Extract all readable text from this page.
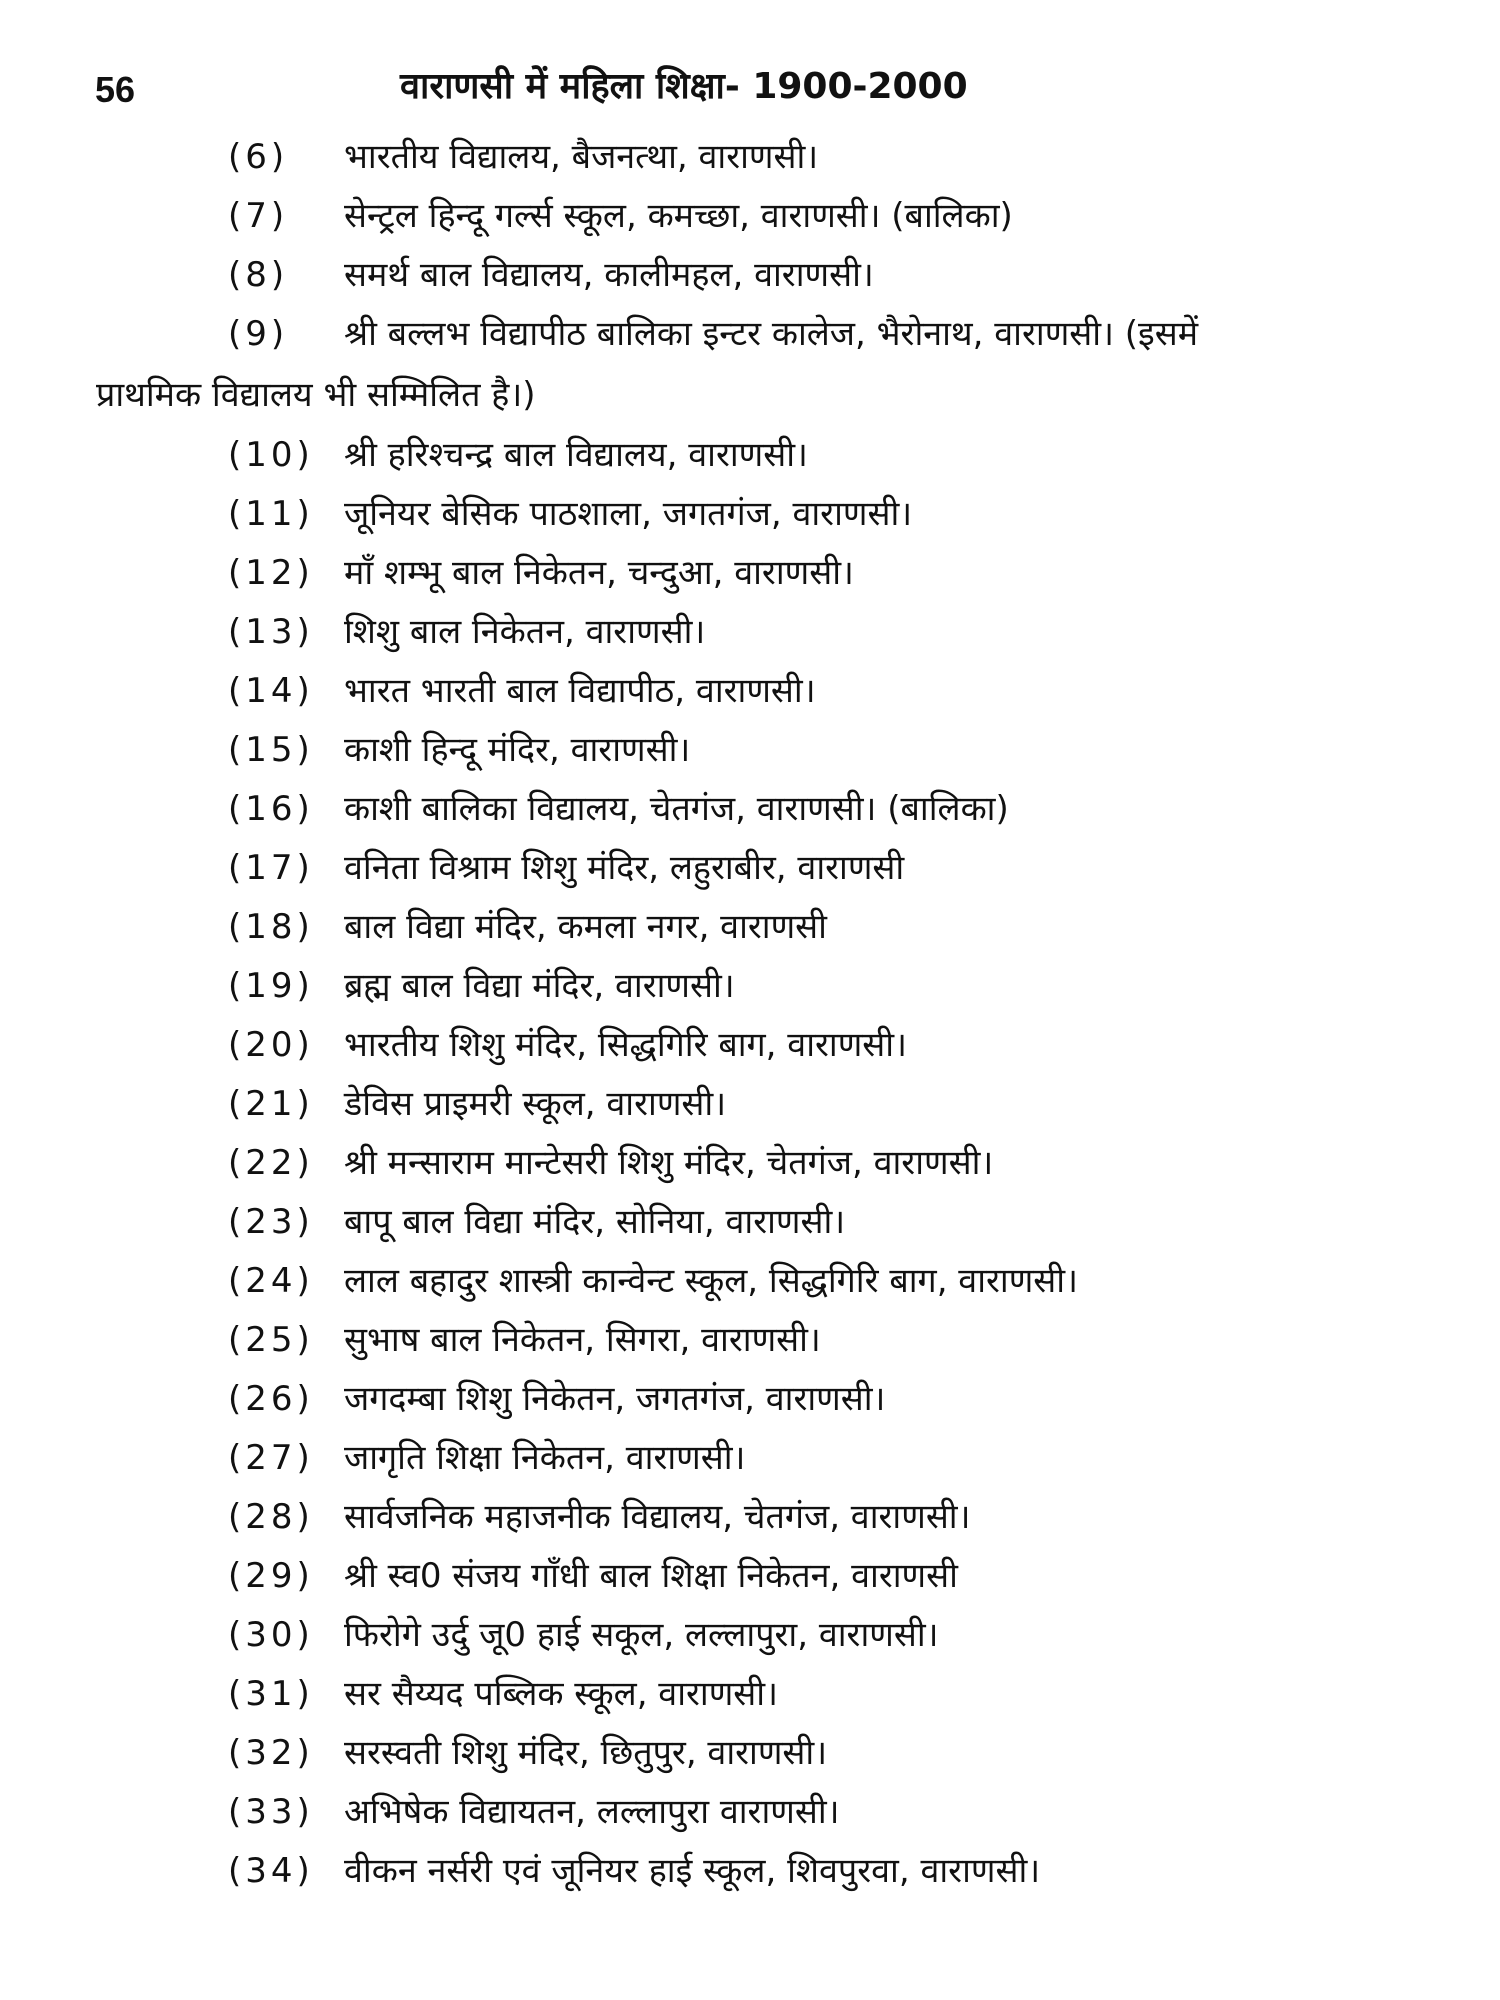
56	वाराणसी में महिला शिक्षा- 1900-2000
(6) भारतीय विद्यालय, बैजनत्था, वाराणसी।
(7) सेन्ट्रल हिन्दू गर्ल्स स्कूल, कमच्छा, वाराणसी। (बालिका)
(8) समर्थ बाल विद्यालय, कालीमहल, वाराणसी।
(9) श्री बल्लभ विद्यापीठ बालिका इन्टर कालेज, भैरोनाथ, वाराणसी। (इसमें
प्राथमिक विद्यालय भी सम्मिलित है।)
(10) श्री हरिश्चन्द्र बाल विद्यालय, वाराणसी।
(11) जूनियर बेसिक पाठशाला, जगतगंज, वाराणसी।
(12) माँ शम्भू बाल निकेतन, चन्दुआ, वाराणसी।
(13) शिशु बाल निकेतन, वाराणसी।
(14) भारत भारती बाल विद्यापीठ, वाराणसी।
(15) काशी हिन्दू मंदिर, वाराणसी।
(16) काशी बालिका विद्यालय, चेतगंज, वाराणसी। (बालिका)
(17) वनिता विश्राम शिशु मंदिर, लहुराबीर, वाराणसी
(18) बाल विद्या मंदिर, कमला नगर, वाराणसी
(19) ब्रह्म बाल विद्या मंदिर, वाराणसी।
(20) भारतीय शिशु मंदिर, सिद्धगिरि बाग, वाराणसी।
(21) डेविस प्राइमरी स्कूल, वाराणसी।
(22) श्री मन्साराम मान्टेसरी शिशु मंदिर, चेतगंज, वाराणसी।
(23) बापू बाल विद्या मंदिर, सोनिया, वाराणसी।
(24) लाल बहादुर शास्त्री कान्वेन्ट स्कूल, सिद्धगिरि बाग, वाराणसी।
(25) सुभाष बाल निकेतन, सिगरा, वाराणसी।
(26) जगदम्बा शिशु निकेतन, जगतगंज, वाराणसी।
(27) जागृति शिक्षा निकेतन, वाराणसी।
(28) सार्वजनिक महाजनीक विद्यालय, चेतगंज, वाराणसी।
(29) श्री स्व0 संजय गाँधी बाल शिक्षा निकेतन, वाराणसी
(30) फिरोगे उर्दु जू0 हाई सकूल, लल्लापुरा, वाराणसी।
(31) सर सैय्यद पब्लिक स्कूल, वाराणसी।
(32) सरस्वती शिशु मंदिर, छितुपुर, वाराणसी।
(33) अभिषेक विद्यायतन, लल्लापुरा वाराणसी।
(34) वीकन नर्सरी एवं जूनियर हाई स्कूल, शिवपुरवा, वाराणसी।
